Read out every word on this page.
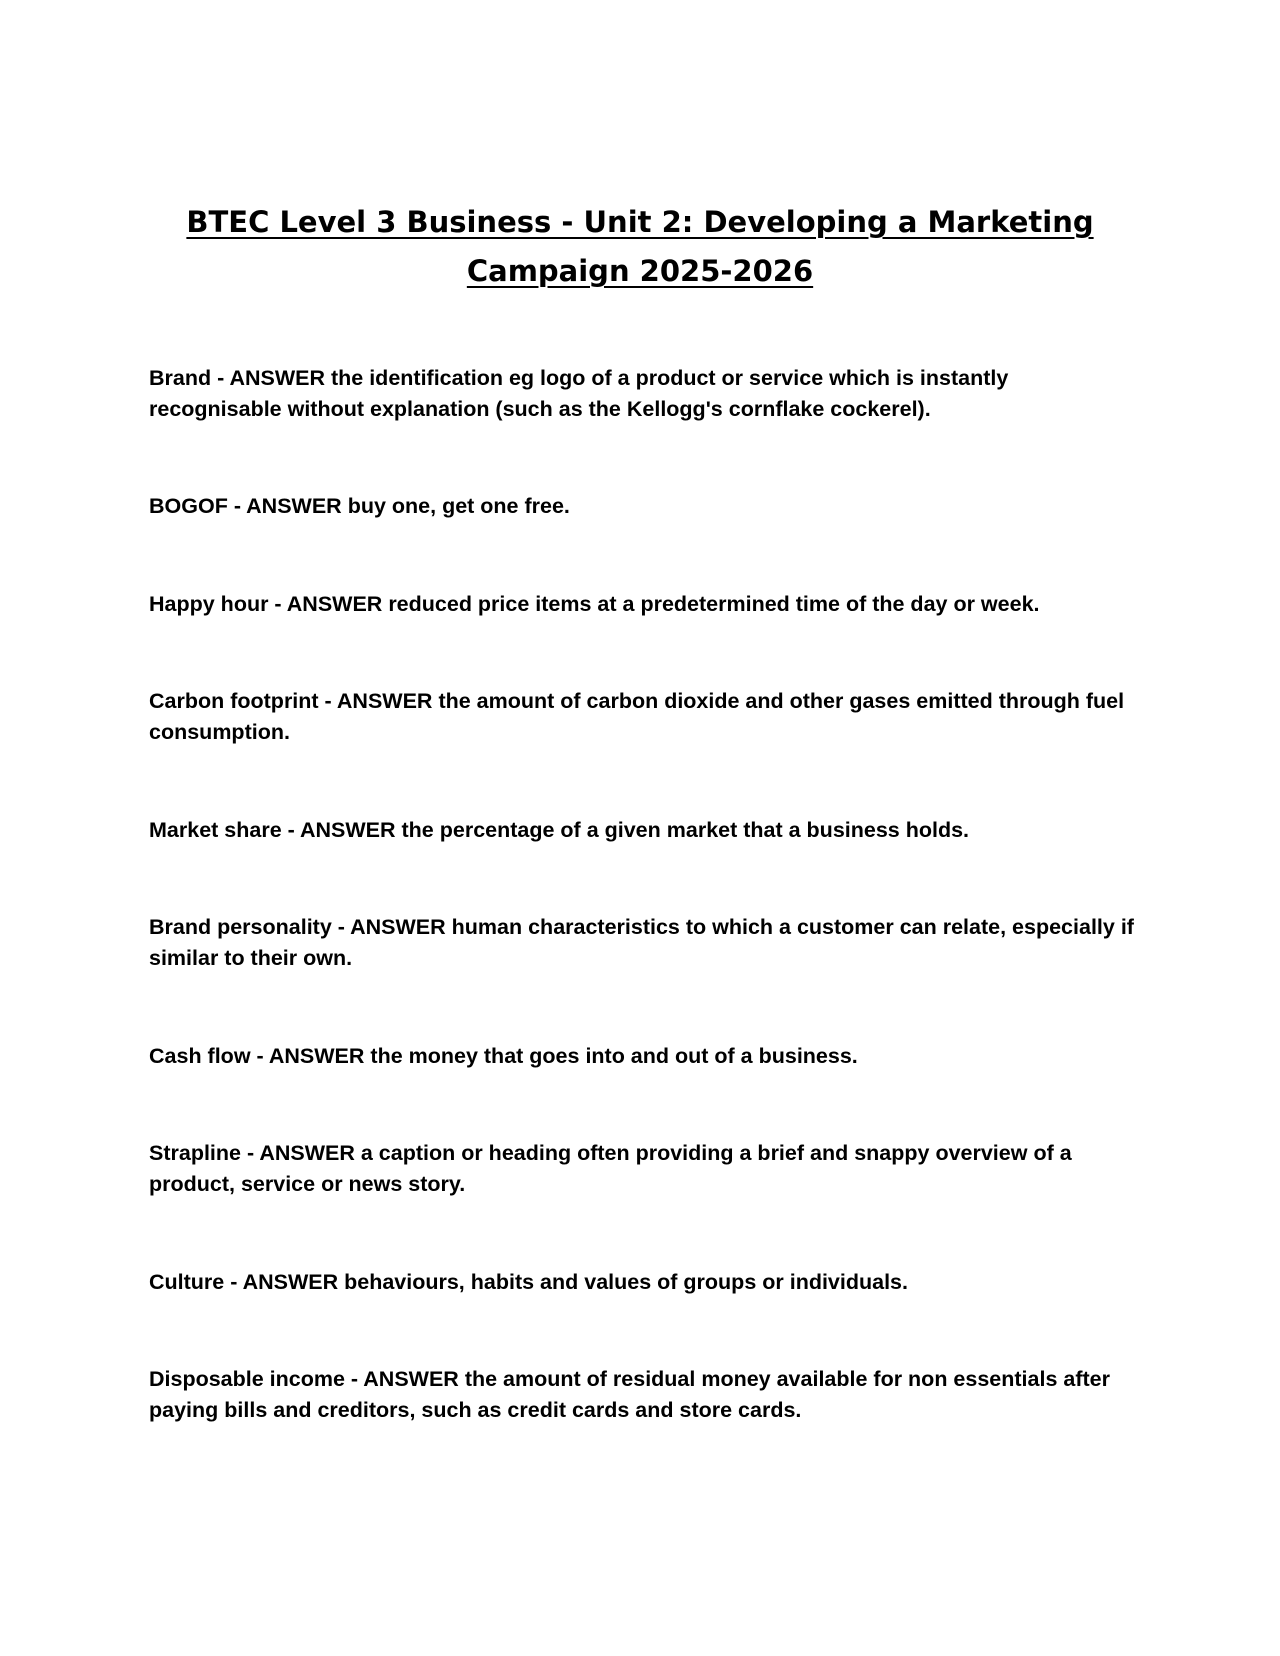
BTEC Level 3 Business - Unit 2: Developing a Marketing Campaign 2025-2026

Brand - ANSWER the identification eg logo of a product or service which is instantly recognisable without explanation (such as the Kellogg's cornflake cockerel).

BOGOF - ANSWER buy one, get one free.

Happy hour - ANSWER reduced price items at a predetermined time of the day or week.

Carbon footprint - ANSWER the amount of carbon dioxide and other gases emitted through fuel consumption.

Market share - ANSWER the percentage of a given market that a business holds.

Brand personality - ANSWER human characteristics to which a customer can relate, especially if similar to their own.

Cash flow - ANSWER the money that goes into and out of a business.

Strapline - ANSWER a caption or heading often providing a brief and snappy overview of a product, service or news story.

Culture - ANSWER behaviours, habits and values of groups or individuals.

Disposable income - ANSWER the amount of residual money available for non essentials after paying bills and creditors, such as credit cards and store cards.
